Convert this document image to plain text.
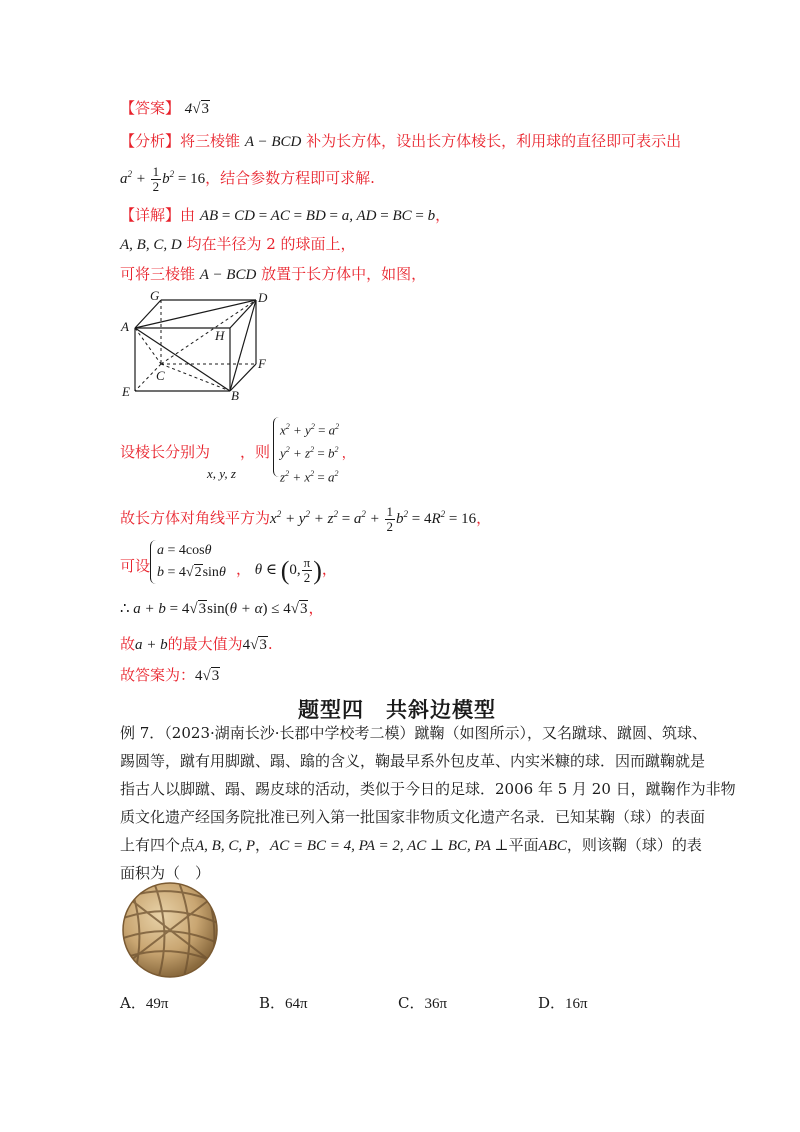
【答案】 4√3
【分析】将三棱锥 A − BCD 补为长方体，设出长方体棱长，利用球的直径即可表示出
$a^2 + \frac{1}{2} b^2 = 16$，结合参数方程即可求解.
【详解】由 AB = CD = AC = BD = a, AD = BC = b，
A, B, C, D 均在半径为 2 的球面上，
可将三棱锥 A − BCD 放置于长方体中，如图，
G	D
A
H
F
C
E	B
设棱长分别为
x, y, z
，则
$x^2 + y^2 = a^2$
$y^2 + z^2 = b^2$ ，
$z^2 + x^2 = a^2$
故长方体对角线平方为$x^2 + y^2 + z^2 = a^2 + \frac{1}{2} b^2 = 4R^2 = 16$，
可设
a = 4cosθ
b = 4√2sinθ ， θ ∈ (0, $\frac{\pi}{2}$ )，
∴ a + b = 4√3sin(θ + α) ≤ 4√3，
故a + b的最大值为4√3.
故答案为：4√3
题型四　共斜边模型
例 7．（2023·湖南长沙·长郡中学校考二模）蹴鞠（如图所示），又名蹴球、蹴圆、筑球、
踢圆等，蹴有用脚蹴、蹋、蹹的含义，鞠最早系外包皮革、内实米糠的球．因而蹴鞠就是
指古人以脚蹴、蹋、踢皮球的活动，类似于今日的足球．2006 年 5 月 20 日，蹴鞠作为非物
质文化遗产经国务院批准已列入第一批国家非物质文化遗产名录．已知某鞠（球）的表面
上有四个点A, B, C, P，AC = BC = 4, PA = 2, AC ⊥ BC, PA ⊥平面ABC，则该鞠（球）的表
面积为（　）
A．49π	B．64π	C．36π	D．16π
